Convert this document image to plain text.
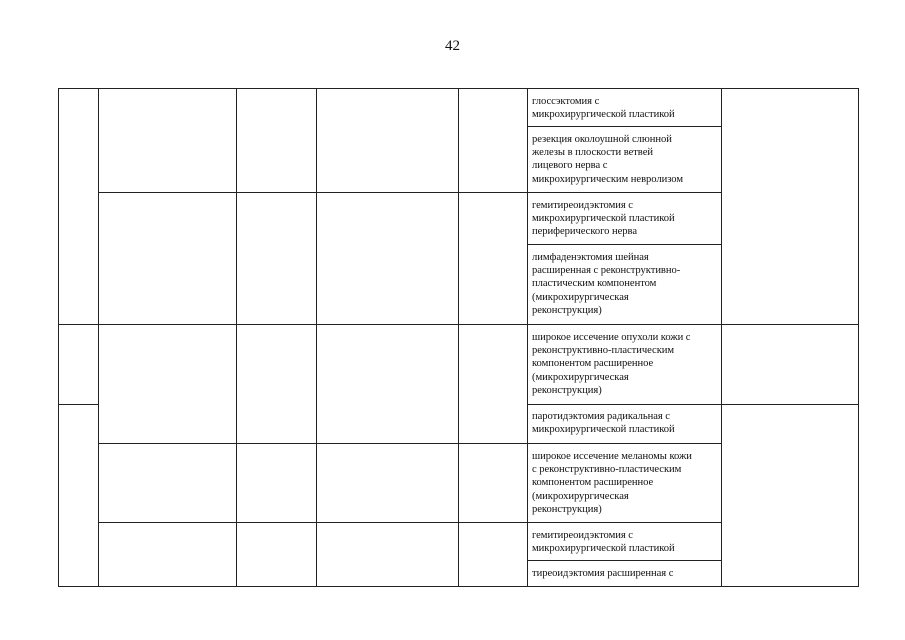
42
глоссэктомия с
микрохирургической пластикой
резекция околоушной слюнной
железы в плоскости ветвей
лицевого нерва с
микрохирургическим невролизом
гемитиреоидэктомия с
микрохирургической пластикой
периферического нерва
лимфаденэктомия шейная
расширенная с реконструктивно-
пластическим компонентом
(микрохирургическая
реконструкция)
широкое иссечение опухоли кожи с
реконструктивно-пластическим
компонентом расширенное
(микрохирургическая
реконструкция)
паротидэктомия радикальная с
микрохирургической пластикой
широкое иссечение меланомы кожи
с реконструктивно-пластическим
компонентом расширенное
(микрохирургическая
реконструкция)
гемитиреоидэктомия с
микрохирургической пластикой
тиреоидэктомия расширенная с
